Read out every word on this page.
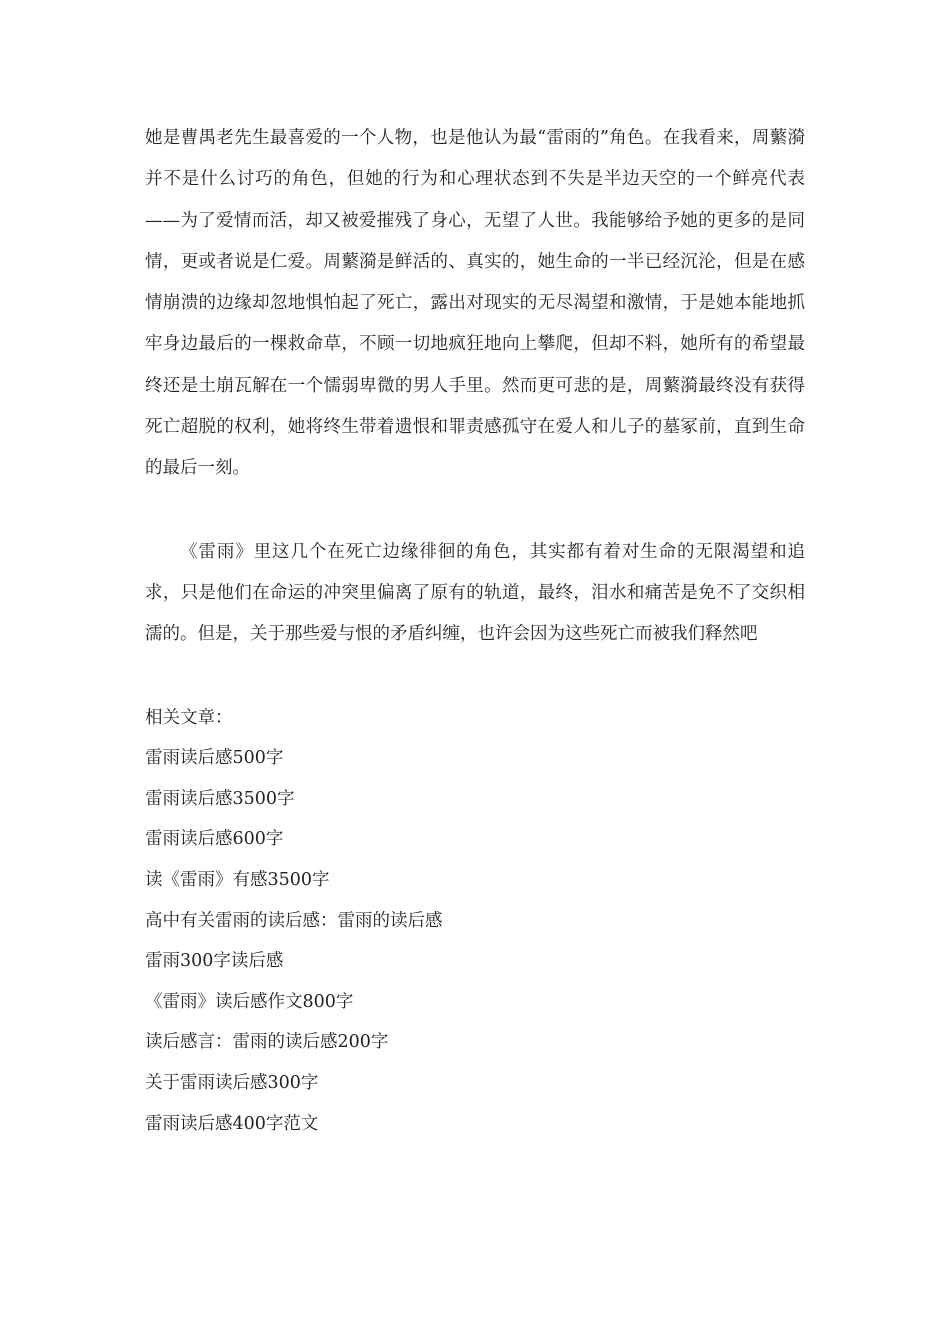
她是曹禺老先生最喜爱的一个人物，也是他认为最“雷雨的”角色。在我看来，周蘩漪并不是什么讨巧的角色，但她的行为和心理状态到不失是半边天空的一个鲜亮代表——为了爱情而活，却又被爱摧残了身心，无望了人世。我能够给予她的更多的是同情，更或者说是仁爱。周蘩漪是鲜活的、真实的，她生命的一半已经沉沦，但是在感情崩溃的边缘却忽地惧怕起了死亡，露出对现实的无尽渴望和激情，于是她本能地抓牢身边最后的一棵救命草，不顾一切地疯狂地向上攀爬，但却不料，她所有的希望最终还是土崩瓦解在一个懦弱卑微的男人手里。然而更可悲的是，周蘩漪最终没有获得死亡超脱的权利，她将终生带着遗恨和罪责感孤守在爱人和儿子的墓冢前，直到生命的最后一刻。

《雷雨》里这几个在死亡边缘徘徊的角色，其实都有着对生命的无限渴望和追求，只是他们在命运的冲突里偏离了原有的轨道，最终，泪水和痛苦是免不了交织相濡的。但是，关于那些爱与恨的矛盾纠缠，也许会因为这些死亡而被我们释然吧

相关文章：

雷雨读后感500字
雷雨读后感3500字
雷雨读后感600字
读《雷雨》有感3500字
高中有关雷雨的读后感：雷雨的读后感
雷雨300字读后感
《雷雨》读后感作文800字
读后感言：雷雨的读后感200字
关于雷雨读后感300字
雷雨读后感400字范文
